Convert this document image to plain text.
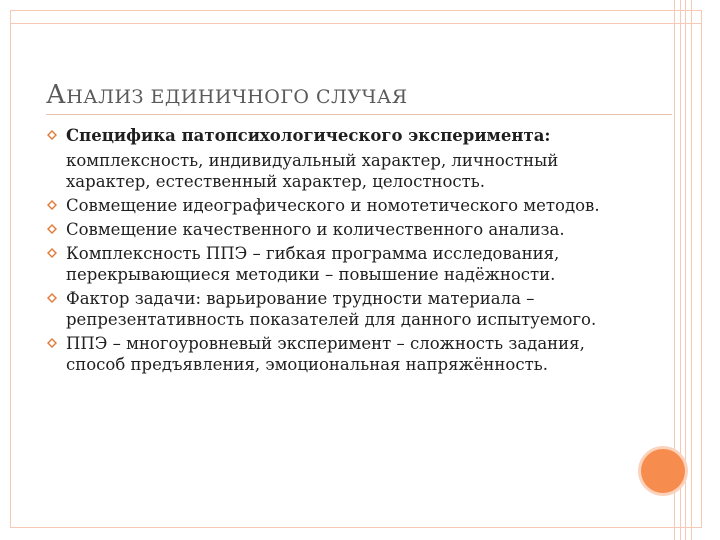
АНАЛИЗ ЕДИНИЧНОГО СЛУЧАЯ
Специфика патопсихологического эксперимента:
комплексность, индивидуальный характер, личностный характер, естественный характер, целостность.
Совмещение идеографического и номотетического методов.
Совмещение качественного и количественного анализа.
Комплексность ППЭ – гибкая программа исследования, перекрывающиеся методики – повышение надёжности.
Фактор задачи: варьирование трудности материала – репрезентативность показателей для данного испытуемого.
ППЭ – многоуровневый эксперимент – сложность задания, способ предъявления, эмоциональная напряжённость.
